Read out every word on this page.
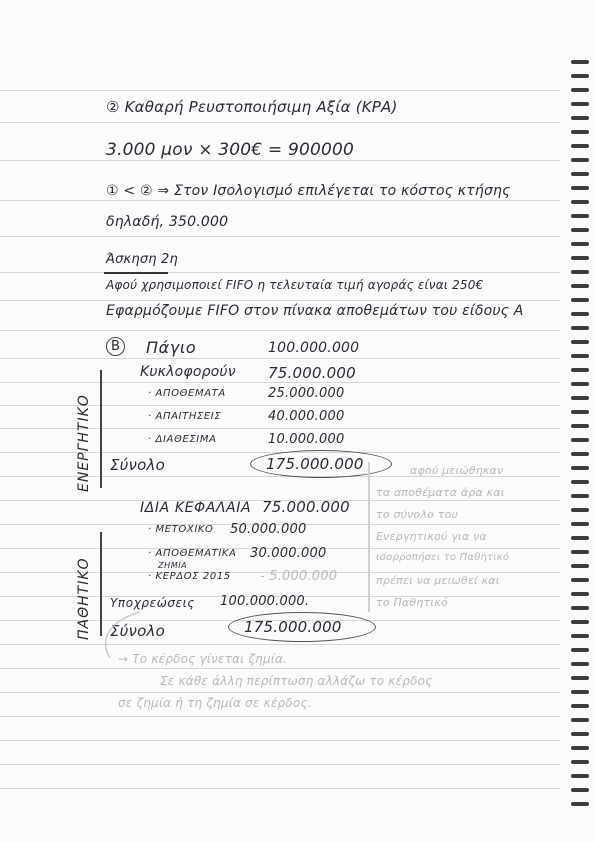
② Καθαρή Ρευστοποιήσιμη Αξία (ΚΡΑ)
3.000 μον × 300€ = 900000
① < ② ⇒ Στον Ισολογισμό επιλέγεται το κόστος κτήσης
δηλαδή, 350.000
Άσκηση 2η
Αφού χρησιμοποιεί FIFO η τελευταία τιμή αγοράς είναι 250€
Εφαρμόζουμε FIFO στον πίνακα αποθεμάτων του είδους Α
Β
ΕΝΕΡΓΗΤΙΚΟ
ΠΑΘΗΤΙΚΟ
Πάγιο	100.000.000
Κυκλοφορούν 75.000.000
· ΑΠΟΘΕΜΑΤΑ	25.000.000
· ΑΠΑΙΤΗΣΕΙΣ	40.000.000
· ΔΙΑΘΕΣΙΜΑ	10.000.000
Σύνολο	175.000.000
ΙΔΙΑ ΚΕΦΑΛΑΙΑ 75.000.000
· ΜΕΤΟΧΙΚΟ 50.000.000
· ΑΠΟΘΕΜΑΤΙΚΑ 30.000.000
ΖΗΜΙΑ
· ΚΕΡΔΟΣ 2015 - 5.000.000
Υποχρεώσεις 100.000.000.
Σύνολο	175.000.000
αφού μειώθηκαν
τα αποθέματα άρα και
το σύνολο του
Ενεργητικού για να
ισορροπήσει το Παθητικό
πρέπει να μειωθεί και
το Παθητικό
→ Το κέρδος γίνεται ζημία.
Σε κάθε άλλη περίπτωση αλλάζω το κέρδος
σε ζημία ή τη ζημία σε κέρδος.
